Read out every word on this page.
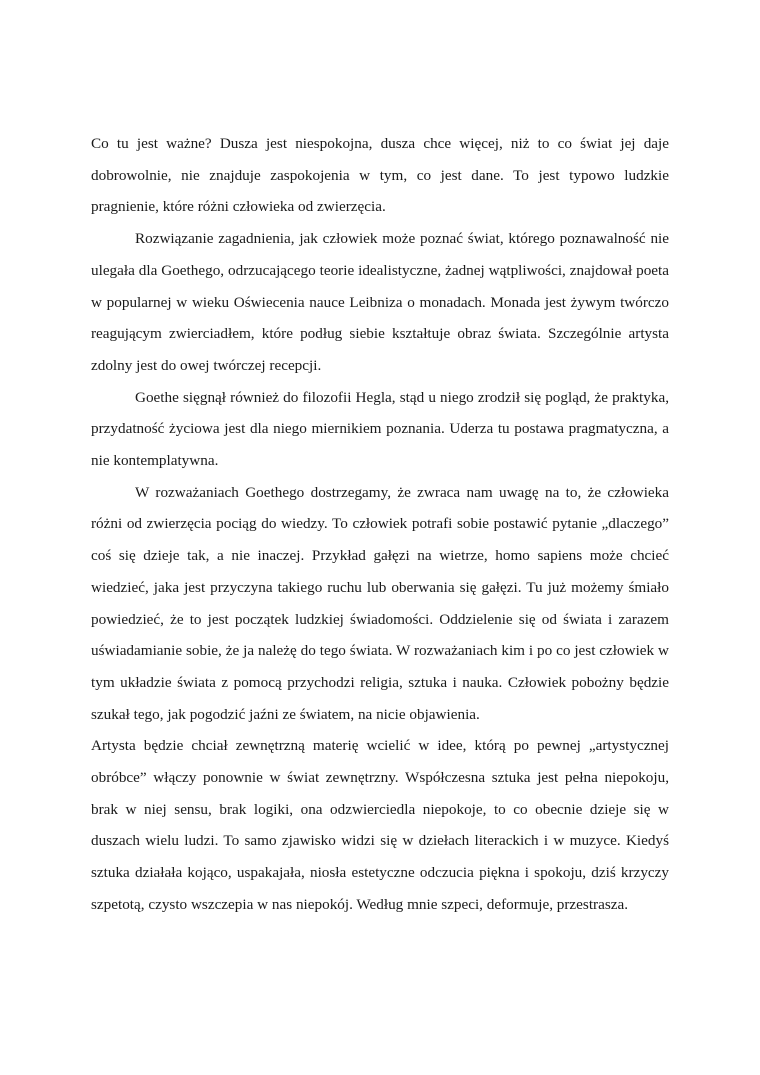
Co tu jest ważne? Dusza jest niespokojna, dusza chce więcej, niż to co świat jej daje dobrowolnie, nie znajduje zaspokojenia w tym, co jest dane. To jest typowo ludzkie pragnienie, które różni człowieka od zwierzęcia.

Rozwiązanie zagadnienia, jak człowiek może poznać świat, którego poznawalność nie ulegała dla Goethego, odrzucającego teorie idealistyczne, żadnej wątpliwości, znajdował poeta w popularnej w wieku Oświecenia nauce Leibniza o monadach. Monada jest żywym twórczo reagującym zwierciadłem, które podług siebie kształtuje obraz świata. Szczególnie artysta zdolny jest do owej twórczej recepcji.

Goethe sięgnął również do filozofii Hegla, stąd u niego zrodził się pogląd, że praktyka, przydatność życiowa jest dla niego miernikiem poznania. Uderza tu postawa pragmatyczna, a nie kontemplatywna.

W rozważaniach Goethego dostrzegamy, że zwraca nam uwagę na to, że człowieka różni od zwierzęcia pociąg do wiedzy. To człowiek potrafi sobie postawić pytanie „dlaczego” coś się dzieje tak, a nie inaczej. Przykład gałęzi na wietrze, homo sapiens może chcieć wiedzieć, jaka jest przyczyna takiego ruchu lub oberwania się gałęzi. Tu już możemy śmiało powiedzieć, że to jest początek ludzkiej świadomości. Oddzielenie się od świata i zarazem uświadamianie sobie, że ja należę do tego świata. W rozważaniach kim i po co jest człowiek w tym układzie świata z pomocą przychodzi religia, sztuka i nauka. Człowiek pobożny będzie szukał tego, jak pogodzić jaźni ze światem, na nicie objawienia.

Artysta będzie chciał zewnętrzną materię wcielić w idee, którą po pewnej „artystycznej obróbce” włączy ponownie w świat zewnętrzny. Współczesna sztuka jest pełna niepokoju, brak w niej sensu, brak logiki, ona odzwierciedla niepokoje, to co obecnie dzieje się w duszach wielu ludzi. To samo zjawisko widzi się w dziełach literackich i w muzyce. Kiedyś sztuka działała kojąco, uspakajała, niosła estetyczne odczucia piękna i spokoju, dziś krzyczy szpetotą, czysto wszczepia w nas niepokój. Według mnie szpeci, deformuje, przestrasza.
